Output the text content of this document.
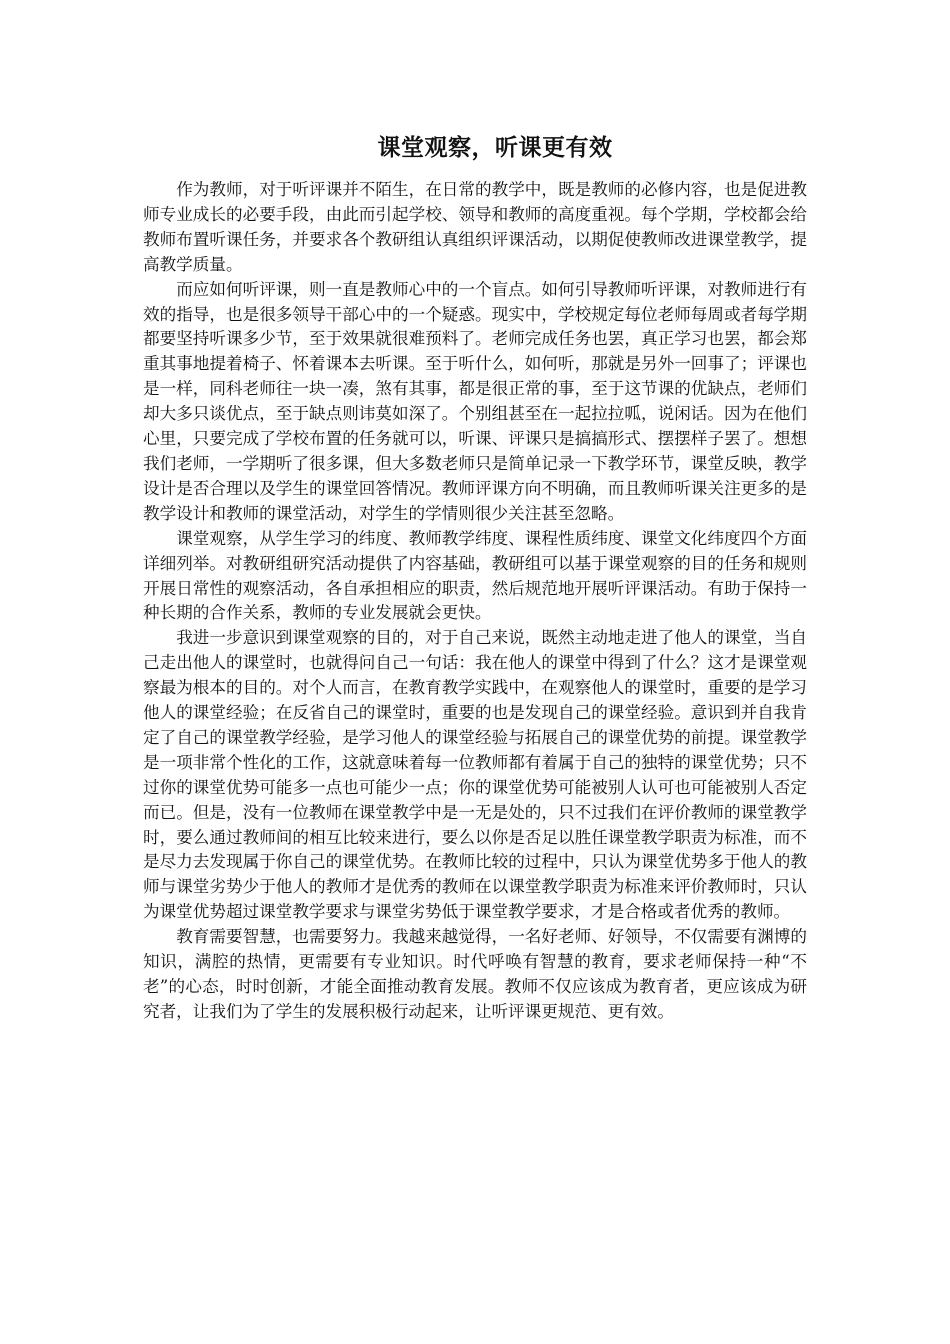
课堂观察，听课更有效

作为教师，对于听评课并不陌生，在日常的教学中，既是教师的必修内容，也是促进教师专业成长的必要手段，由此而引起学校、领导和教师的高度重视。每个学期，学校都会给教师布置听课任务，并要求各个教研组认真组织评课活动，以期促使教师改进课堂教学，提高教学质量。

而应如何听评课，则一直是教师心中的一个盲点。如何引导教师听评课，对教师进行有效的指导，也是很多领导干部心中的一个疑惑。现实中，学校规定每位老师每周或者每学期都要坚持听课多少节，至于效果就很难预料了。老师完成任务也罢，真正学习也罢，都会郑重其事地提着椅子、怀着课本去听课。至于听什么，如何听，那就是另外一回事了；评课也是一样，同科老师往一块一凑，煞有其事，都是很正常的事，至于这节课的优缺点，老师们却大多只谈优点，至于缺点则讳莫如深了。个别组甚至在一起拉拉呱，说闲话。因为在他们心里，只要完成了学校布置的任务就可以，听课、评课只是搞搞形式、摆摆样子罢了。想想我们老师，一学期听了很多课，但大多数老师只是简单记录一下教学环节，课堂反映，教学设计是否合理以及学生的课堂回答情况。教师评课方向不明确，而且教师听课关注更多的是教学设计和教师的课堂活动，对学生的学情则很少关注甚至忽略。

课堂观察，从学生学习的纬度、教师教学纬度、课程性质纬度、课堂文化纬度四个方面详细列举。对教研组研究活动提供了内容基础，教研组可以基于课堂观察的目的任务和规则开展日常性的观察活动，各自承担相应的职责，然后规范地开展听评课活动。有助于保持一种长期的合作关系，教师的专业发展就会更快。

我进一步意识到课堂观察的目的，对于自己来说，既然主动地走进了他人的课堂，当自己走出他人的课堂时，也就得问自己一句话：我在他人的课堂中得到了什么？这才是课堂观察最为根本的目的。对个人而言，在教育教学实践中，在观察他人的课堂时，重要的是学习他人的课堂经验；在反省自己的课堂时，重要的也是发现自己的课堂经验。意识到并自我肯定了自己的课堂教学经验，是学习他人的课堂经验与拓展自己的课堂优势的前提。课堂教学是一项非常个性化的工作，这就意味着每一位教师都有着属于自己的独特的课堂优势；只不过你的课堂优势可能多一点也可能少一点；你的课堂优势可能被别人认可也可能被别人否定而已。但是，没有一位教师在课堂教学中是一无是处的，只不过我们在评价教师的课堂教学时，要么通过教师间的相互比较来进行，要么以你是否足以胜任课堂教学职责为标准，而不是尽力去发现属于你自己的课堂优势。在教师比较的过程中，只认为课堂优势多于他人的教师与课堂劣势少于他人的教师才是优秀的教师在以课堂教学职责为标准来评价教师时，只认为课堂优势超过课堂教学要求与课堂劣势低于课堂教学要求，才是合格或者优秀的教师。

教育需要智慧，也需要努力。我越来越觉得，一名好老师、好领导，不仅需要有渊博的知识，满腔的热情，更需要有专业知识。时代呼唤有智慧的教育，要求老师保持一种“不老”的心态，时时创新，才能全面推动教育发展。教师不仅应该成为教育者，更应该成为研究者，让我们为了学生的发展积极行动起来，让听评课更规范、更有效。
